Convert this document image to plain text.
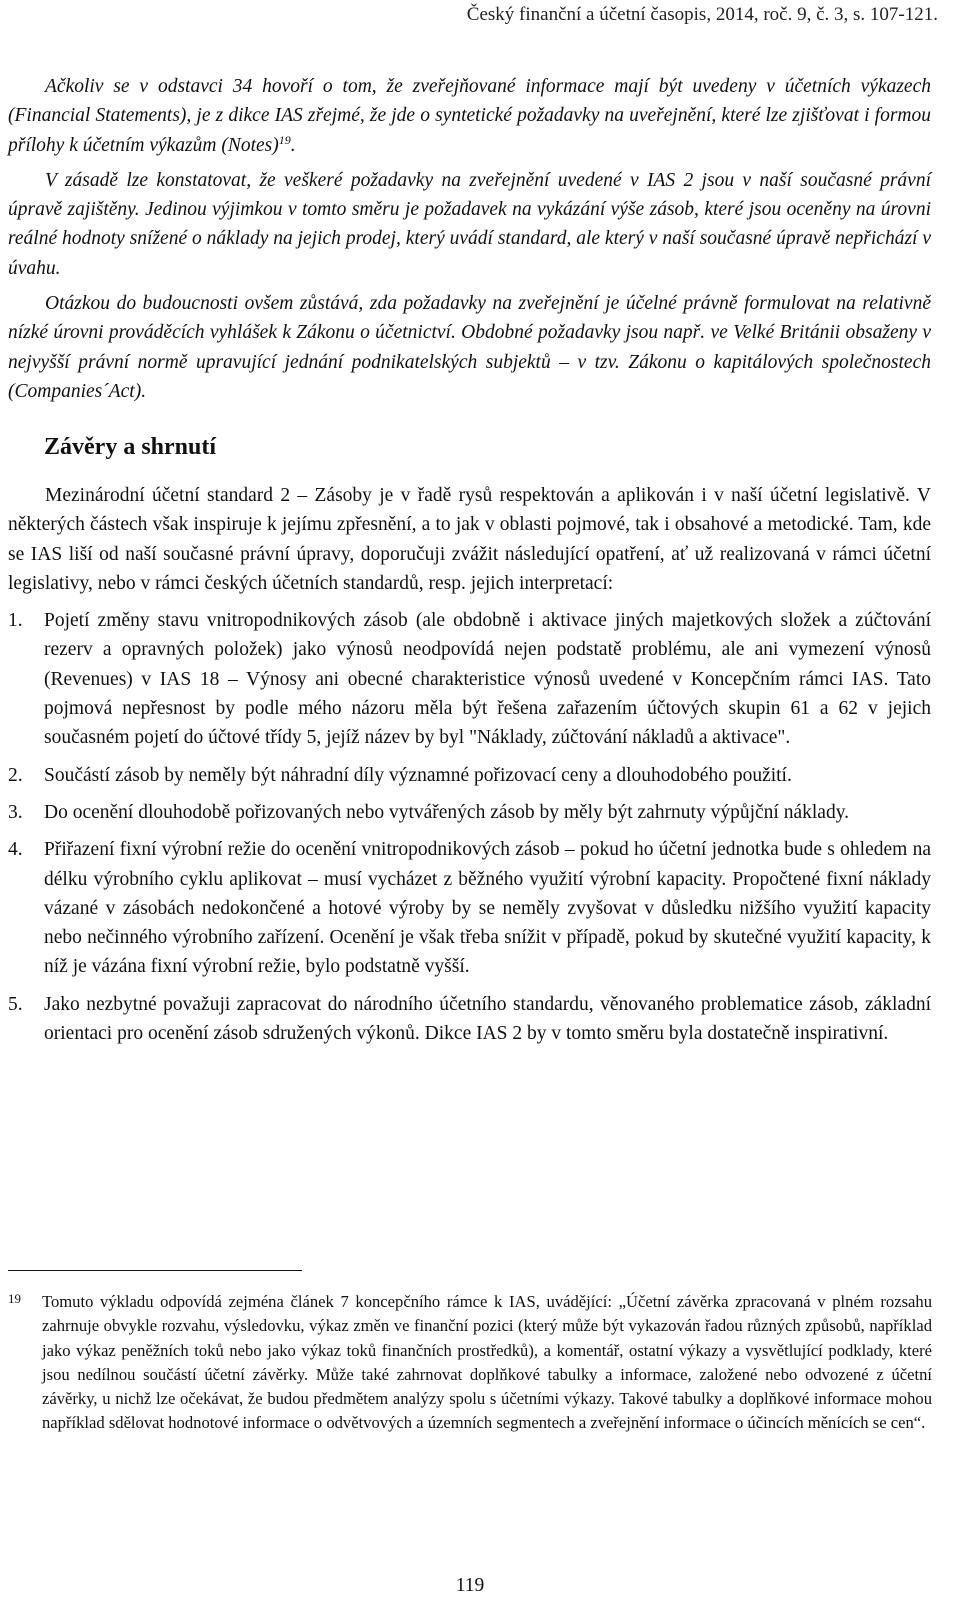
Český finanční a účetní časopis, 2014, roč. 9, č. 3, s. 107-121.

Ačkoliv se v odstavci 34 hovoří o tom, že zveřejňované informace mají být uvedeny v účetních výkazech (Financial Statements), je z dikce IAS zřejmé, že jde o syntetické požadavky na uveřejnění, které lze zjišťovat i formou přílohy k účetním výkazům (Notes)$^{19}$.

V zásadě lze konstatovat, že veškeré požadavky na zveřejnění uvedené v IAS 2 jsou v naší současné právní úpravě zajištěny. Jedinou výjimkou v tomto směru je požadavek na vykázání výše zásob, které jsou oceněny na úrovni reálné hodnoty snížené o náklady na jejich prodej, který uvádí standard, ale který v naší současné úpravě nepřichází v úvahu.

Otázkou do budoucnosti ovšem zůstává, zda požadavky na zveřejnění je účelné právně formulovat na relativně nízké úrovni prováděcích vyhlášek k Zákonu o účetnictví. Obdobné požadavky jsou např. ve Velké Británii obsaženy v nejvyšší právní normě upravující jednání podnikatelských subjektů – v tzv. Zákonu o kapitálových společnostech (Companies´Act).

Závěry a shrnutí

Mezinárodní účetní standard 2 – Zásoby je v řadě rysů respektován a aplikován i v naší účetní legislativě. V některých částech však inspiruje k jejímu zpřesnění, a to jak v oblasti pojmové, tak i obsahové a metodické. Tam, kde se IAS liší od naší současné právní úpravy, doporučuji zvážit následující opatření, ať už realizovaná v rámci účetní legislativy, nebo v rámci českých účetních standardů, resp. jejich interpretací:

1. Pojetí změny stavu vnitropodnikových zásob (ale obdobně i aktivace jiných majetkových složek a zúčtování rezerv a opravných položek) jako výnosů neodpovídá nejen podstatě problému, ale ani vymezení výnosů (Revenues) v IAS 18 – Výnosy ani obecné charakteristice výnosů uvedené v Koncepčním rámci IAS. Tato pojmová nepřesnost by podle mého názoru měla být řešena zařazením účtových skupin 61 a 62 v jejich současném pojetí do účtové třídy 5, jejíž název by byl "Náklady, zúčtování nákladů a aktivace".
2. Součástí zásob by neměly být náhradní díly významné pořizovací ceny a dlouhodobého použití.
3. Do ocenění dlouhodobě pořizovaných nebo vytvářených zásob by měly být zahrnuty výpůjční náklady.
4. Přiřazení fixní výrobní režie do ocenění vnitropodnikových zásob – pokud ho účetní jednotka bude s ohledem na délku výrobního cyklu aplikovat – musí vycházet z běžného využití výrobní kapacity. Propočtené fixní náklady vázané v zásobách nedokončené a hotové výroby by se neměly zvyšovat v důsledku nižšího využití kapacity nebo nečinného výrobního zařízení. Ocenění je však třeba snížit v případě, pokud by skutečné využití kapacity, k níž je vázána fixní výrobní režie, bylo podstatně vyšší.
5. Jako nezbytné považuji zapracovat do národního účetního standardu, věnovaného problematice zásob, základní orientaci pro ocenění zásob sdružených výkonů. Dikce IAS 2 by v tomto směru byla dostatečně inspirativní.
19	Tomuto výkladu odpovídá zejména článek 7 koncepčního rámce k IAS, uvádějící: „Účetní závěrka zpracovaná v plném rozsahu zahrnuje obvykle rozvahu, výsledovku, výkaz změn ve finanční pozici (který může být vykazován řadou různých způsobů, například jako výkaz peněžních toků nebo jako výkaz toků finančních prostředků), a komentář, ostatní výkazy a vysvětlující podklady, které jsou nedílnou součástí účetní závěrky. Může také zahrnovat doplňkové tabulky a informace, založené nebo odvozené z účetní závěrky, u nichž lze očekávat, že budou předmětem analýzy spolu s účetními výkazy. Takové tabulky a doplňkové informace mohou například sdělovat hodnotové informace o odvětvových a územních segmentech a zveřejnění informace o účincích měnících se cen“.
119
